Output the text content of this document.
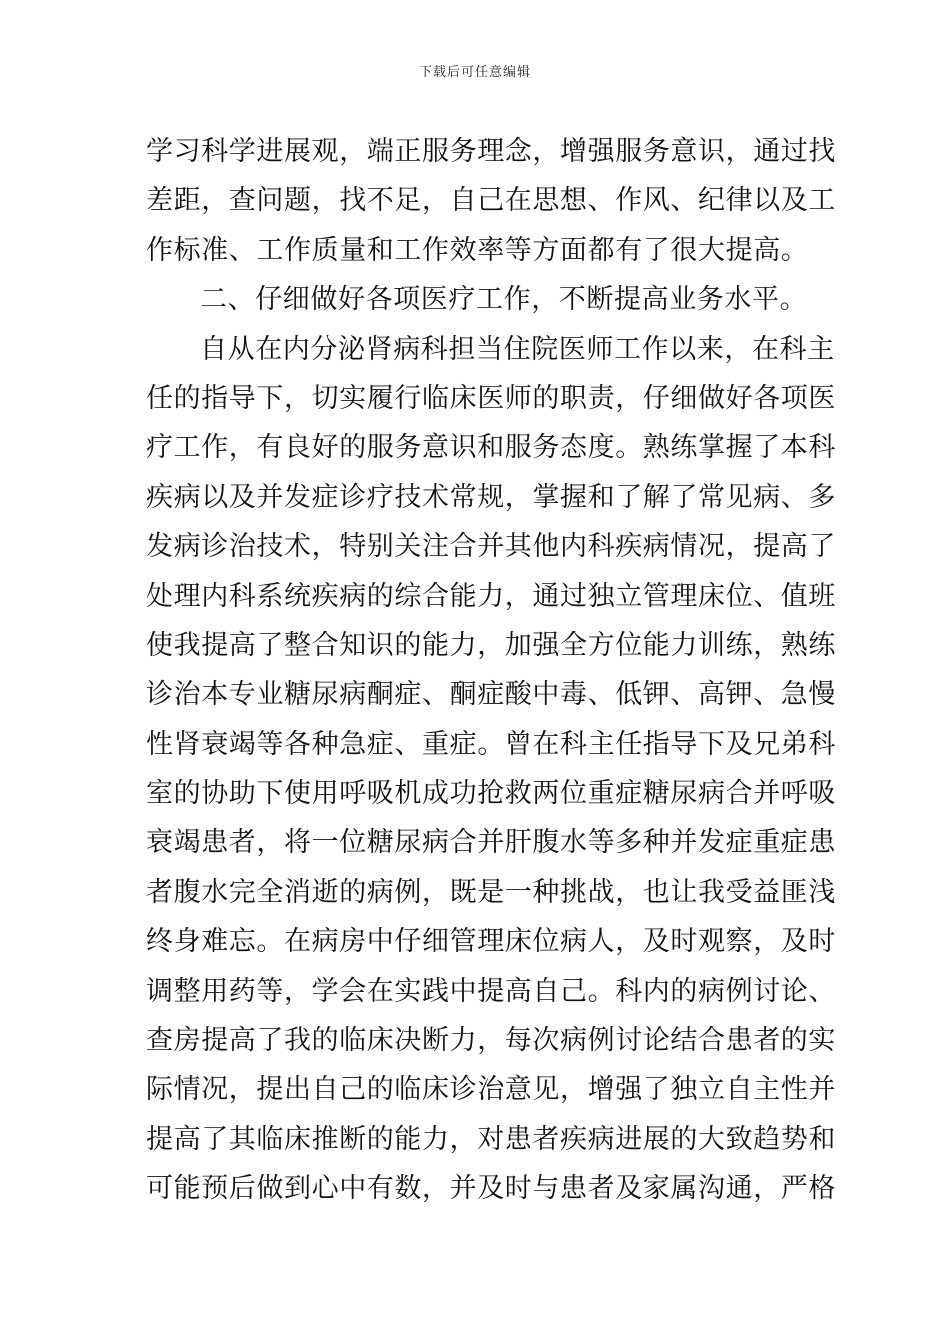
下载后可任意编辑
学习科学进展观，端正服务理念，增强服务意识，通过找
差距，查问题，找不足，自己在思想、作风、纪律以及工
作标准、工作质量和工作效率等方面都有了很大提高。
二、仔细做好各项医疗工作，不断提高业务水平。
自从在内分泌肾病科担当住院医师工作以来，在科主
任的指导下，切实履行临床医师的职责，仔细做好各项医
疗工作，有良好的服务意识和服务态度。熟练掌握了本科
疾病以及并发症诊疗技术常规，掌握和了解了常见病、多
发病诊治技术，特别关注合并其他内科疾病情况，提高了
处理内科系统疾病的综合能力，通过独立管理床位、值班
使我提高了整合知识的能力，加强全方位能力训练，熟练
诊治本专业糖尿病酮症、酮症酸中毒、低钾、高钾、急慢
性肾衰竭等各种急症、重症。曾在科主任指导下及兄弟科
室的协助下使用呼吸机成功抢救两位重症糖尿病合并呼吸
衰竭患者，将一位糖尿病合并肝腹水等多种并发症重症患
者腹水完全消逝的病例，既是一种挑战，也让我受益匪浅
终身难忘。在病房中仔细管理床位病人，及时观察，及时
调整用药等，学会在实践中提高自己。科内的病例讨论、
查房提高了我的临床决断力，每次病例讨论结合患者的实
际情况，提出自己的临床诊治意见，增强了独立自主性并
提高了其临床推断的能力，对患者疾病进展的大致趋势和
可能预后做到心中有数，并及时与患者及家属沟通，严格
